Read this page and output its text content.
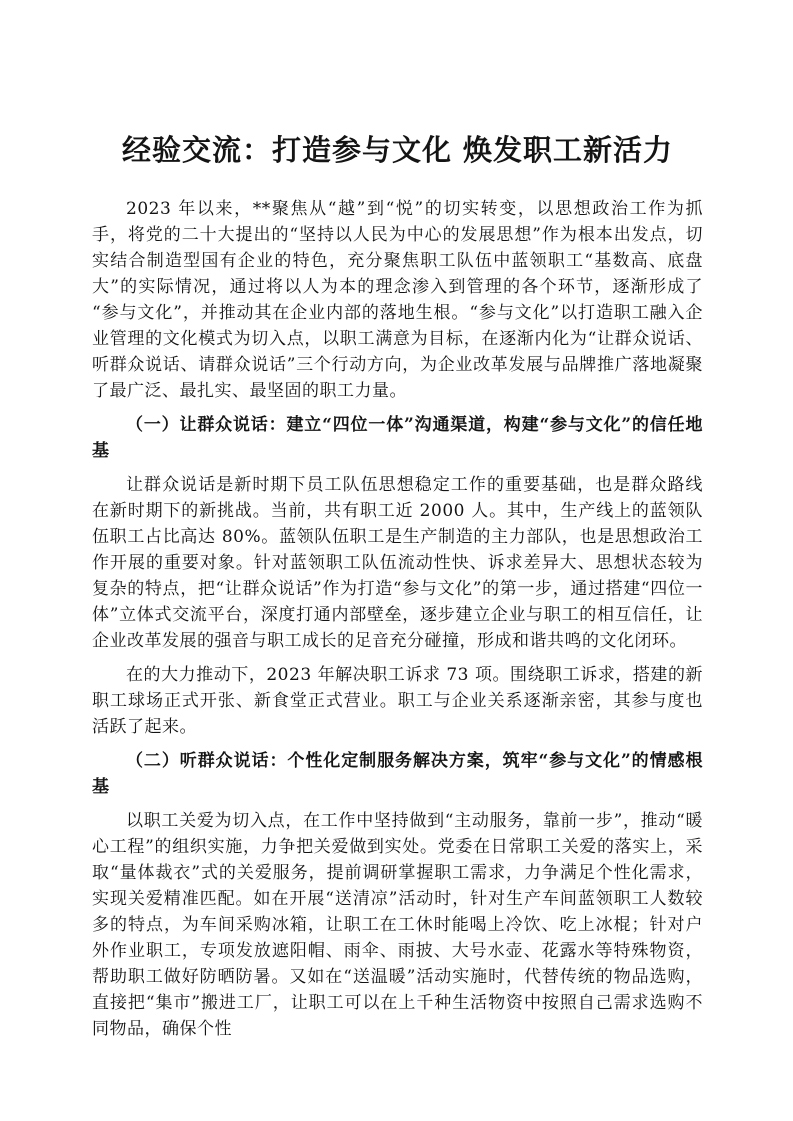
经验交流：打造参与文化 焕发职工新活力

2023 年以来，**聚焦从“越”到“悦”的切实转变，以思想政治工作为抓手，将党的二十大提出的“坚持以人民为中心的发展思想”作为根本出发点，切实结合制造型国有企业的特色，充分聚焦职工队伍中蓝领职工“基数高、底盘大”的实际情况，通过将以人为本的理念渗入到管理的各个环节，逐渐形成了“参与文化”，并推动其在企业内部的落地生根。“参与文化”以打造职工融入企业管理的文化模式为切入点，以职工满意为目标，在逐渐内化为“让群众说话、听群众说话、请群众说话”三个行动方向，为企业改革发展与品牌推广落地凝聚了最广泛、最扎实、最坚固的职工力量。

（一）让群众说话：建立“四位一体”沟通渠道，构建“参与文化”的信任地基

让群众说话是新时期下员工队伍思想稳定工作的重要基础，也是群众路线在新时期下的新挑战。当前，共有职工近 2000 人。其中，生产线上的蓝领队伍职工占比高达 80%。蓝领队伍职工是生产制造的主力部队，也是思想政治工作开展的重要对象。针对蓝领职工队伍流动性快、诉求差异大、思想状态较为复杂的特点，把“让群众说话”作为打造“参与文化”的第一步，通过搭建“四位一体”立体式交流平台，深度打通内部壁垒，逐步建立企业与职工的相互信任，让企业改革发展的强音与职工成长的足音充分碰撞，形成和谐共鸣的文化闭环。

在的大力推动下，2023 年解决职工诉求 73 项。围绕职工诉求，搭建的新职工球场正式开张、新食堂正式营业。职工与企业关系逐渐亲密，其参与度也活跃了起来。

（二）听群众说话：个性化定制服务解决方案，筑牢“参与文化”的情感根基

以职工关爱为切入点，在工作中坚持做到“主动服务，靠前一步”，推动“暖心工程”的组织实施，力争把关爱做到实处。党委在日常职工关爱的落实上，采取“量体裁衣”式的关爱服务，提前调研掌握职工需求，力争满足个性化需求，实现关爱精准匹配。如在开展“送清凉”活动时，针对生产车间蓝领职工人数较多的特点，为车间采购冰箱，让职工在工休时能喝上冷饮、吃上冰棍；针对户外作业职工，专项发放遮阳帽、雨伞、雨披、大号水壶、花露水等特殊物资，帮助职工做好防晒防暑。又如在“送温暖”活动实施时，代替传统的物品选购，直接把“集市”搬进工厂，让职工可以在上千种生活物资中按照自己需求选购不同物品，确保个性
